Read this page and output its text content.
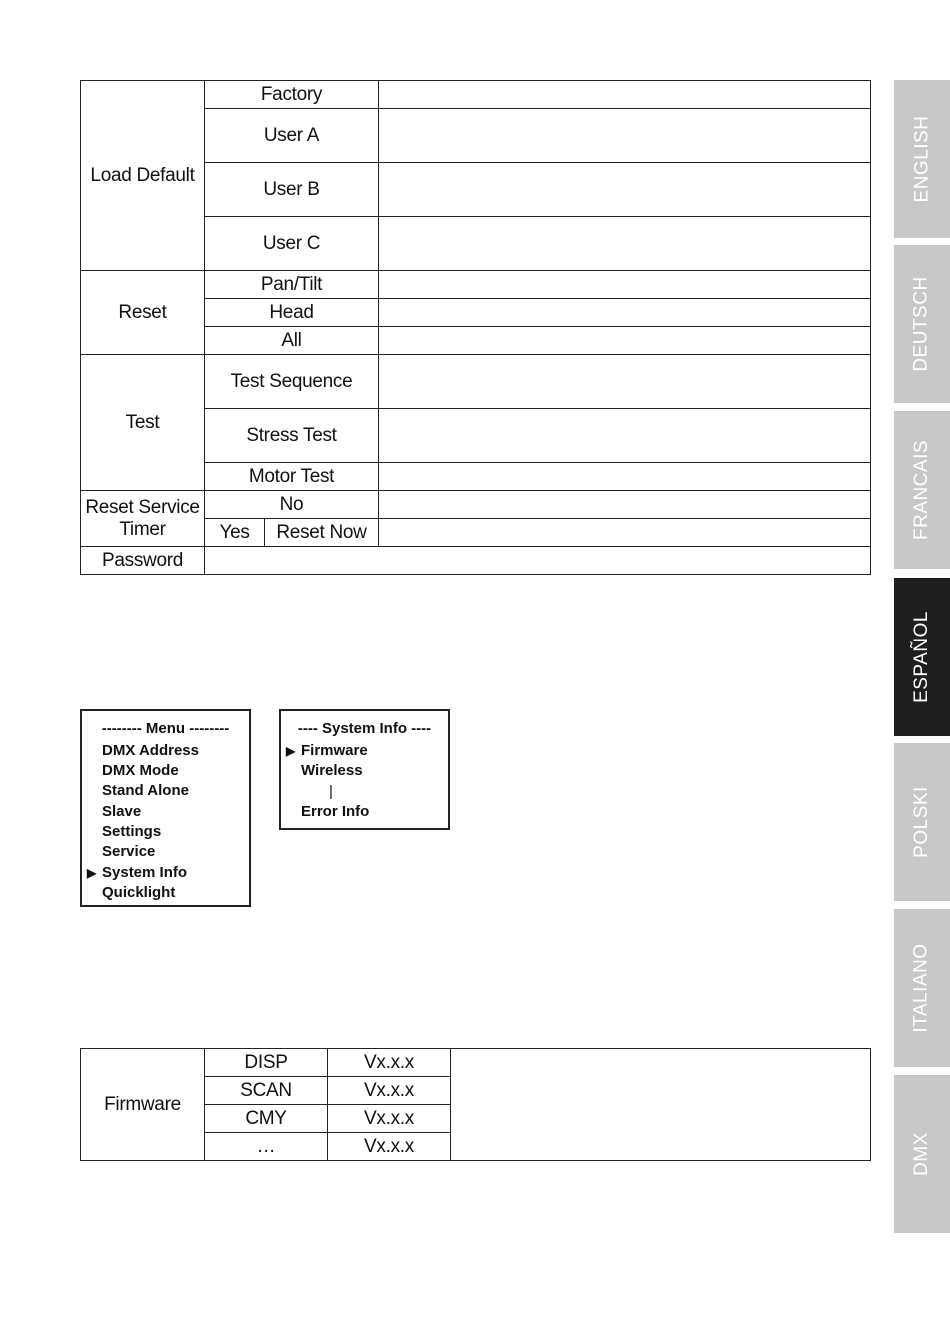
Load Default	Factory		
	User A		
	User B		
	User C		
Reset	Pan/Tilt		
	Head		
	All		
Test	Test Sequence		
	Stress Test		
	Motor Test		

Reset Service
Timer	No		
	Yes	Reset Now	
Password			
-------- Menu --------
DMX Address
DMX Mode
Stand Alone
Slave
Settings
Service
▶ System Info
Quicklight
---- System Info ----
▶ Firmware
Wireless
|
Error Info
Firmware	DISP	Vx.x.x	
	SCAN	Vx.x.x	
	CMY	Vx.x.x	
	…	Vx.x.x	
ENGLISH
DEUTSCH
FRANCAIS
ESPAÑOL
POLSKI
ITALIANO
DMX
